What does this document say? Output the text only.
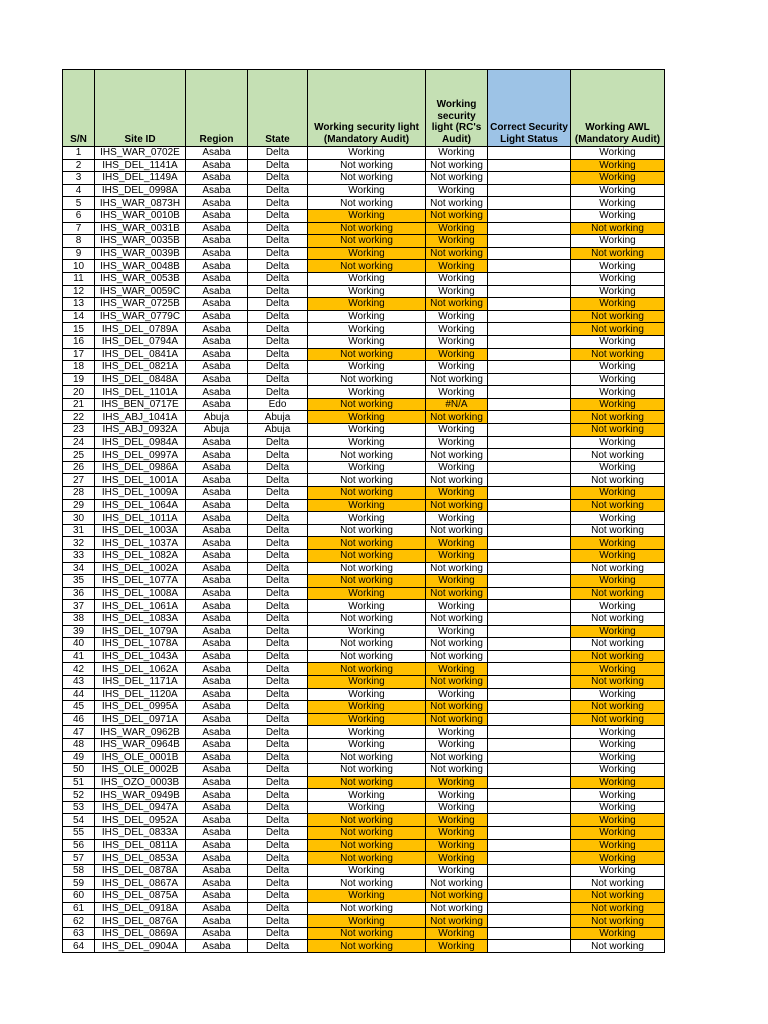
S/N	Site ID	Region	State	Working security light (Mandatory Audit)	Working security light (RC's Audit)	Correct Security Light Status	Working AWL (Mandatory Audit)
1	IHS_WAR_0702E	Asaba	Delta	Working	Working		Working
2	IHS_DEL_1141A	Asaba	Delta	Not working	Not working		Working
3	IHS_DEL_1149A	Asaba	Delta	Not working	Not working		Working
4	IHS_DEL_0998A	Asaba	Delta	Working	Working		Working
5	IHS_WAR_0873H	Asaba	Delta	Not working	Not working		Working
6	IHS_WAR_0010B	Asaba	Delta	Working	Not working		Working
7	IHS_WAR_0031B	Asaba	Delta	Not working	Working		Not working
8	IHS_WAR_0035B	Asaba	Delta	Not working	Working		Working
9	IHS_WAR_0039B	Asaba	Delta	Working	Not working		Not working
10	IHS_WAR_0048B	Asaba	Delta	Not working	Working		Working
11	IHS_WAR_0053B	Asaba	Delta	Working	Working		Working
12	IHS_WAR_0059C	Asaba	Delta	Working	Working		Working
13	IHS_WAR_0725B	Asaba	Delta	Working	Not working		Working
14	IHS_WAR_0779C	Asaba	Delta	Working	Working		Not working
15	IHS_DEL_0789A	Asaba	Delta	Working	Working		Not working
16	IHS_DEL_0794A	Asaba	Delta	Working	Working		Working
17	IHS_DEL_0841A	Asaba	Delta	Not working	Working		Not working
18	IHS_DEL_0821A	Asaba	Delta	Working	Working		Working
19	IHS_DEL_0848A	Asaba	Delta	Not working	Not working		Working
20	IHS_DEL_1101A	Asaba	Delta	Working	Working		Working
21	IHS_BEN_0717E	Asaba	Edo	Not working	#N/A		Working
22	IHS_ABJ_1041A	Abuja	Abuja	Working	Not working		Not working
23	IHS_ABJ_0932A	Abuja	Abuja	Working	Working		Not working
24	IHS_DEL_0984A	Asaba	Delta	Working	Working		Working
25	IHS_DEL_0997A	Asaba	Delta	Not working	Not working		Not working
26	IHS_DEL_0986A	Asaba	Delta	Working	Working		Working
27	IHS_DEL_1001A	Asaba	Delta	Not working	Not working		Not working
28	IHS_DEL_1009A	Asaba	Delta	Not working	Working		Working
29	IHS_DEL_1064A	Asaba	Delta	Working	Not working		Not working
30	IHS_DEL_1011A	Asaba	Delta	Working	Working		Working
31	IHS_DEL_1003A	Asaba	Delta	Not working	Not working		Not working
32	IHS_DEL_1037A	Asaba	Delta	Not working	Working		Working
33	IHS_DEL_1082A	Asaba	Delta	Not working	Working		Working
34	IHS_DEL_1002A	Asaba	Delta	Not working	Not working		Not working
35	IHS_DEL_1077A	Asaba	Delta	Not working	Working		Working
36	IHS_DEL_1008A	Asaba	Delta	Working	Not working		Not working
37	IHS_DEL_1061A	Asaba	Delta	Working	Working		Working
38	IHS_DEL_1083A	Asaba	Delta	Not working	Not working		Not working
39	IHS_DEL_1079A	Asaba	Delta	Working	Working		Working
40	IHS_DEL_1078A	Asaba	Delta	Not working	Not working		Not working
41	IHS_DEL_1043A	Asaba	Delta	Not working	Not working		Not working
42	IHS_DEL_1062A	Asaba	Delta	Not working	Working		Working
43	IHS_DEL_1171A	Asaba	Delta	Working	Not working		Not working
44	IHS_DEL_1120A	Asaba	Delta	Working	Working		Working
45	IHS_DEL_0995A	Asaba	Delta	Working	Not working		Not working
46	IHS_DEL_0971A	Asaba	Delta	Working	Not working		Not working
47	IHS_WAR_0962B	Asaba	Delta	Working	Working		Working
48	IHS_WAR_0964B	Asaba	Delta	Working	Working		Working
49	IHS_OLE_0001B	Asaba	Delta	Not working	Not working		Working
50	IHS_OLE_0002B	Asaba	Delta	Not working	Not working		Working
51	IHS_OZO_0003B	Asaba	Delta	Not working	Working		Working
52	IHS_WAR_0949B	Asaba	Delta	Working	Working		Working
53	IHS_DEL_0947A	Asaba	Delta	Working	Working		Working
54	IHS_DEL_0952A	Asaba	Delta	Not working	Working		Working
55	IHS_DEL_0833A	Asaba	Delta	Not working	Working		Working
56	IHS_DEL_0811A	Asaba	Delta	Not working	Working		Working
57	IHS_DEL_0853A	Asaba	Delta	Not working	Working		Working
58	IHS_DEL_0878A	Asaba	Delta	Working	Working		Working
59	IHS_DEL_0867A	Asaba	Delta	Not working	Not working		Not working
60	IHS_DEL_0875A	Asaba	Delta	Working	Not working		Not working
61	IHS_DEL_0918A	Asaba	Delta	Not working	Not working		Not working
62	IHS_DEL_0876A	Asaba	Delta	Working	Not working		Not working
63	IHS_DEL_0869A	Asaba	Delta	Not working	Working		Working
64	IHS_DEL_0904A	Asaba	Delta	Not working	Working		Not working
